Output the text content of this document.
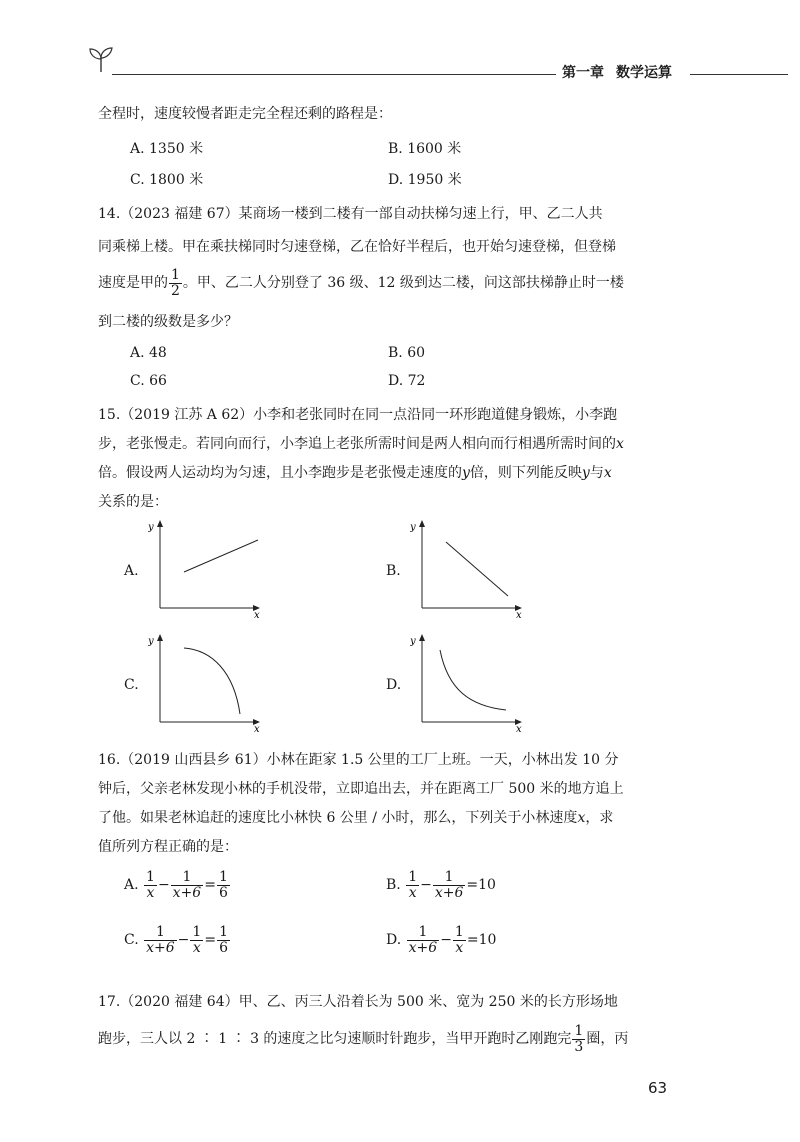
第一章 数学运算
全程时，速度较慢者距走完全程还剩的路程是：
A. 1350 米	B. 1600 米
C. 1800 米	D. 1950 米
14.（2023 福建 67）某商场一楼到二楼有一部自动扶梯匀速上行，甲、乙二人共
同乘梯上楼。甲在乘扶梯同时匀速登梯，乙在恰好半程后，也开始匀速登梯，但登梯
速度是甲的 $\frac{1}{2}$ 。甲、乙二人分别登了 36 级、12 级到达二楼，问这部扶梯静止时一楼
到二楼的级数是多少？
A. 48	B. 60
C. 66	D. 72
15.（2019 江苏 A 62）小李和老张同时在同一点沿同一环形跑道健身锻炼，小李跑
步，老张慢走。若同向而行，小李追上老张所需时间是两人相向而行相遇所需时间的x
倍。假设两人运动均为匀速，且小李跑步是老张慢走速度的y倍，则下列能反映y与x
关系的是：
A.	B.
C.	D.
y
x
y
x
y
x
y
x
16.（2019 山西县乡 61）小林在距家 1.5 公里的工厂上班。一天，小林出发 10 分
钟后，父亲老林发现小林的手机没带，立即追出去，并在距离工厂 500 米的地方追上
了他。如果老林追赶的速度比小林快 6 公里 / 小时，那么，下列关于小林速度x，求
值所列方程正确的是：
A. $\frac{1}{x} - \frac{1}{x+6} = \frac{1}{6}$	B. $\frac{1}{x} - \frac{1}{x+6} =10$
C. $\frac{1}{x+6} - \frac{1}{x} = \frac{1}{6}$	D. $\frac{1}{x+6} - \frac{1}{x} =10$
17.（2020 福建 64）甲、乙、丙三人沿着长为 500 米、宽为 250 米的长方形场地
跑步，三人以 2 ∶ 1 ∶ 3 的速度之比匀速顺时针跑步，当甲开跑时乙刚跑完 $\frac{1}{3}$ 圈，丙
63
